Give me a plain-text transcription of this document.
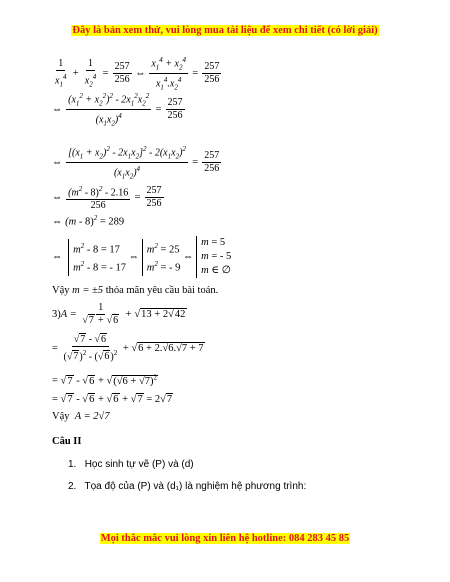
Đây là bản xem thử, vui lòng mua tài liệu để xem chi tiết (có lời giải)
$\frac{1}{x_1^4} + \frac{1}{x_2^4} = \frac{257}{256}$ ⇔ $\frac{x_1^4 + x_2^4}{x_1^4.x_2^4} = \frac{257}{256}$
⇔ $\frac{(x_1^2 + x_2^2)^2 - 2x_1^2x_2^2}{(x_1x_2)^4} = \frac{257}{256}$
⇔ $\frac{[(x_1 + x_2)^2 - 2x_1x_2]^2 - 2(x_1x_2)^2}{(x_1x_2)^4} = \frac{257}{256}$
⇔ $\frac{(m^2 - 8)^2 - 2.16}{256} = \frac{257}{256}$
⇔ (m - 8)$^2$ = 289
⇔ $m^2 - 8 = 17$
$m^2 - 8$ = - 17 ⇔ $m^2 = 25$
$m^2$ = - 9 ⇔ m = 5
m = - 5
m ∈ ∅
Vậy m = ±5 thỏa mãn yêu cầu bài toán.
$3)A = \frac{1}{√7 + √6} + √13 + 2√42$
= $\frac{√7 - √6}{(√7)^2 - (√6)^2} + √6 + 2.√6.√7 + 7$
= $√7 - √6 + √(√6 + √7)^2$
= √7 - √6 + √6 + √7 = 2√7
Vậy A = 2√7
Câu II
1. Học sinh tự vẽ (P) và (d)
2. Tọa độ của (P) và (d₁) là nghiệm hệ phương trình:
Mọi thắc mắc vui lòng xin liên hệ hotline: 084 283 45 85
